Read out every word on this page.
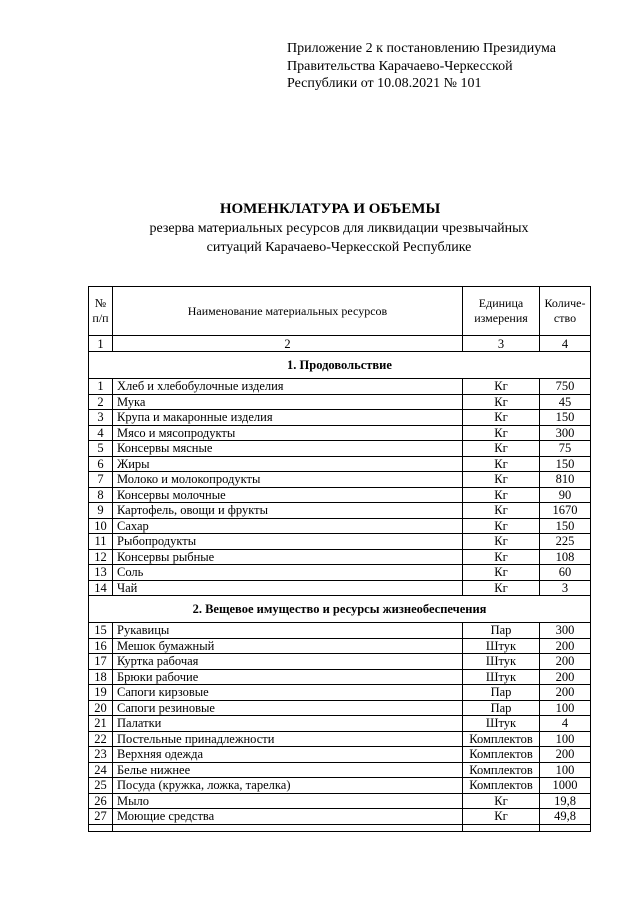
Приложение 2 к постановлению Президиума
Правительства Карачаево-Черкесской
Республики от 10.08.2021 № 101
НОМЕНКЛАТУРА И ОБЪЕМЫ
резерва материальных ресурсов для ликвидации чрезвычайных
ситуаций Карачаево-Черкесской Республике
№ п/п	Наименование материальных ресурсов	Единица измерения	Количе-ство
1	2	3	4
1. Продовольствие			
1	Хлеб и хлебобулочные изделия	Кг	750
2	Мука	Кг	45
3	Крупа и макаронные изделия	Кг	150
4	Мясо и мясопродукты	Кг	300
5	Консервы мясные	Кг	75
6	Жиры	Кг	150
7	Молоко и молокопродукты	Кг	810
8	Консервы молочные	Кг	90
9	Картофель, овощи и фрукты	Кг	1670
10	Сахар	Кг	150
11	Рыбопродукты	Кг	225
12	Консервы рыбные	Кг	108
13	Соль	Кг	60
14	Чай	Кг	3
2. Вещевое имущество и ресурсы жизнеобеспечения			
15	Рукавицы	Пар	300
16	Мешок бумажный	Штук	200
17	Куртка рабочая	Штук	200
18	Брюки рабочие	Штук	200
19	Сапоги кирзовые	Пар	200
20	Сапоги резиновые	Пар	100
21	Палатки	Штук	4
22	Постельные принадлежности	Комплектов	100
23	Верхняя одежда	Комплектов	200
24	Белье нижнее	Комплектов	100
25	Посуда (кружка, ложка, тарелка)	Комплектов	1000
26	Мыло	Кг	19,8
27	Моющие средства	Кг	49,8
